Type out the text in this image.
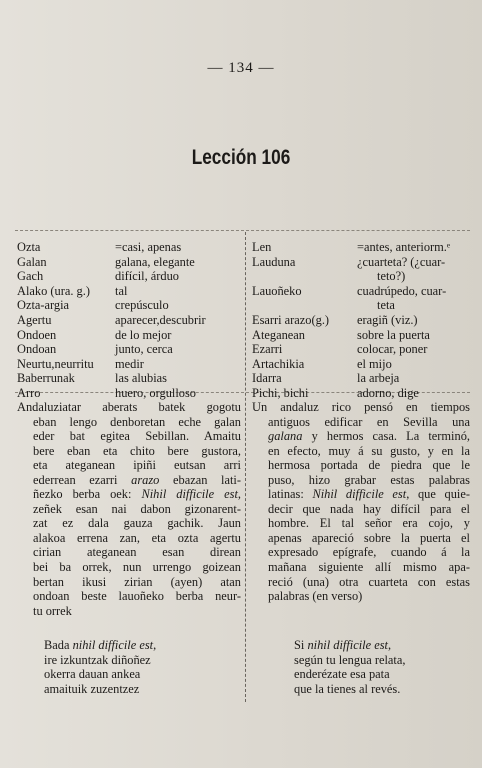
— 134 —
Lección 106
Ozta	=casi, apenas
Galan	galana, elegante
Gach	difícil, árduo
Alako (ura. g.)	tal
Ozta-argia	crepúsculo
Agertu	aparecer,descubrir
Ondoen	de lo mejor
Ondoan	junto, cerca
Neurtu,neurritu	medir
Baberrunak	las alubias
Arro	huero, orgulloso
Len	=antes, anteriorm.ᵉ
Lauduna	¿cuarteta? (¿cuar-
teto?)
Lauoñeko	cuadrúpedo, cuar-
teta
Esarri arazo(g.)	eragiñ (viz.)
Ateganean	sobre la puerta
Ezarri	colocar, poner
Artachikia	el mijo
Idarra	la arbeja
Pichi, bichi	adorno, dige
Andaluziatar aberats batek gogotu
eban lengo denboretan eche galan
eder bat egitea Sebillan. Amaitu
bere eban eta chito bere gustora,
eta ateganean ipiñi eutsan arri
ederrean ezarri arazo ebazan lati-
ñezko berba oek: Nihil difficile est,
zeñek esan nai dabon gizonarent-
zat ez dala gauza gachik. Jaun
alakoa errena zan, eta ozta agertu
cirian ateganean esan direan
bei ba orrek, nun urrengo goizean
bertan ikusi zirian (ayen) atan
ondoan beste lauoñeko berba neur-
tu orrek
Un andaluz rico pensó en tiempos
antiguos edificar en Sevilla una
galana y hermos casa. La terminó,
en efecto, muy á su gusto, y en la
hermosa portada de piedra que le
puso, hizo grabar estas palabras
latinas: Nihil difficile est, que quie-
decir que nada hay difícil para el
hombre. El tal señor era cojo, y
apenas apareció sobre la puerta el
expresado epígrafe, cuando á la
mañana siguiente allí mismo apa-
reció (una) otra cuarteta con estas
palabras (en verso)
Bada nihil difficile est,
ire izkuntzak diñoñez
okerra dauan ankea
amaituik zuzentzez
Si nihil difficile est,
según tu lengua relata,
enderézate esa pata
que la tienes al revés.
